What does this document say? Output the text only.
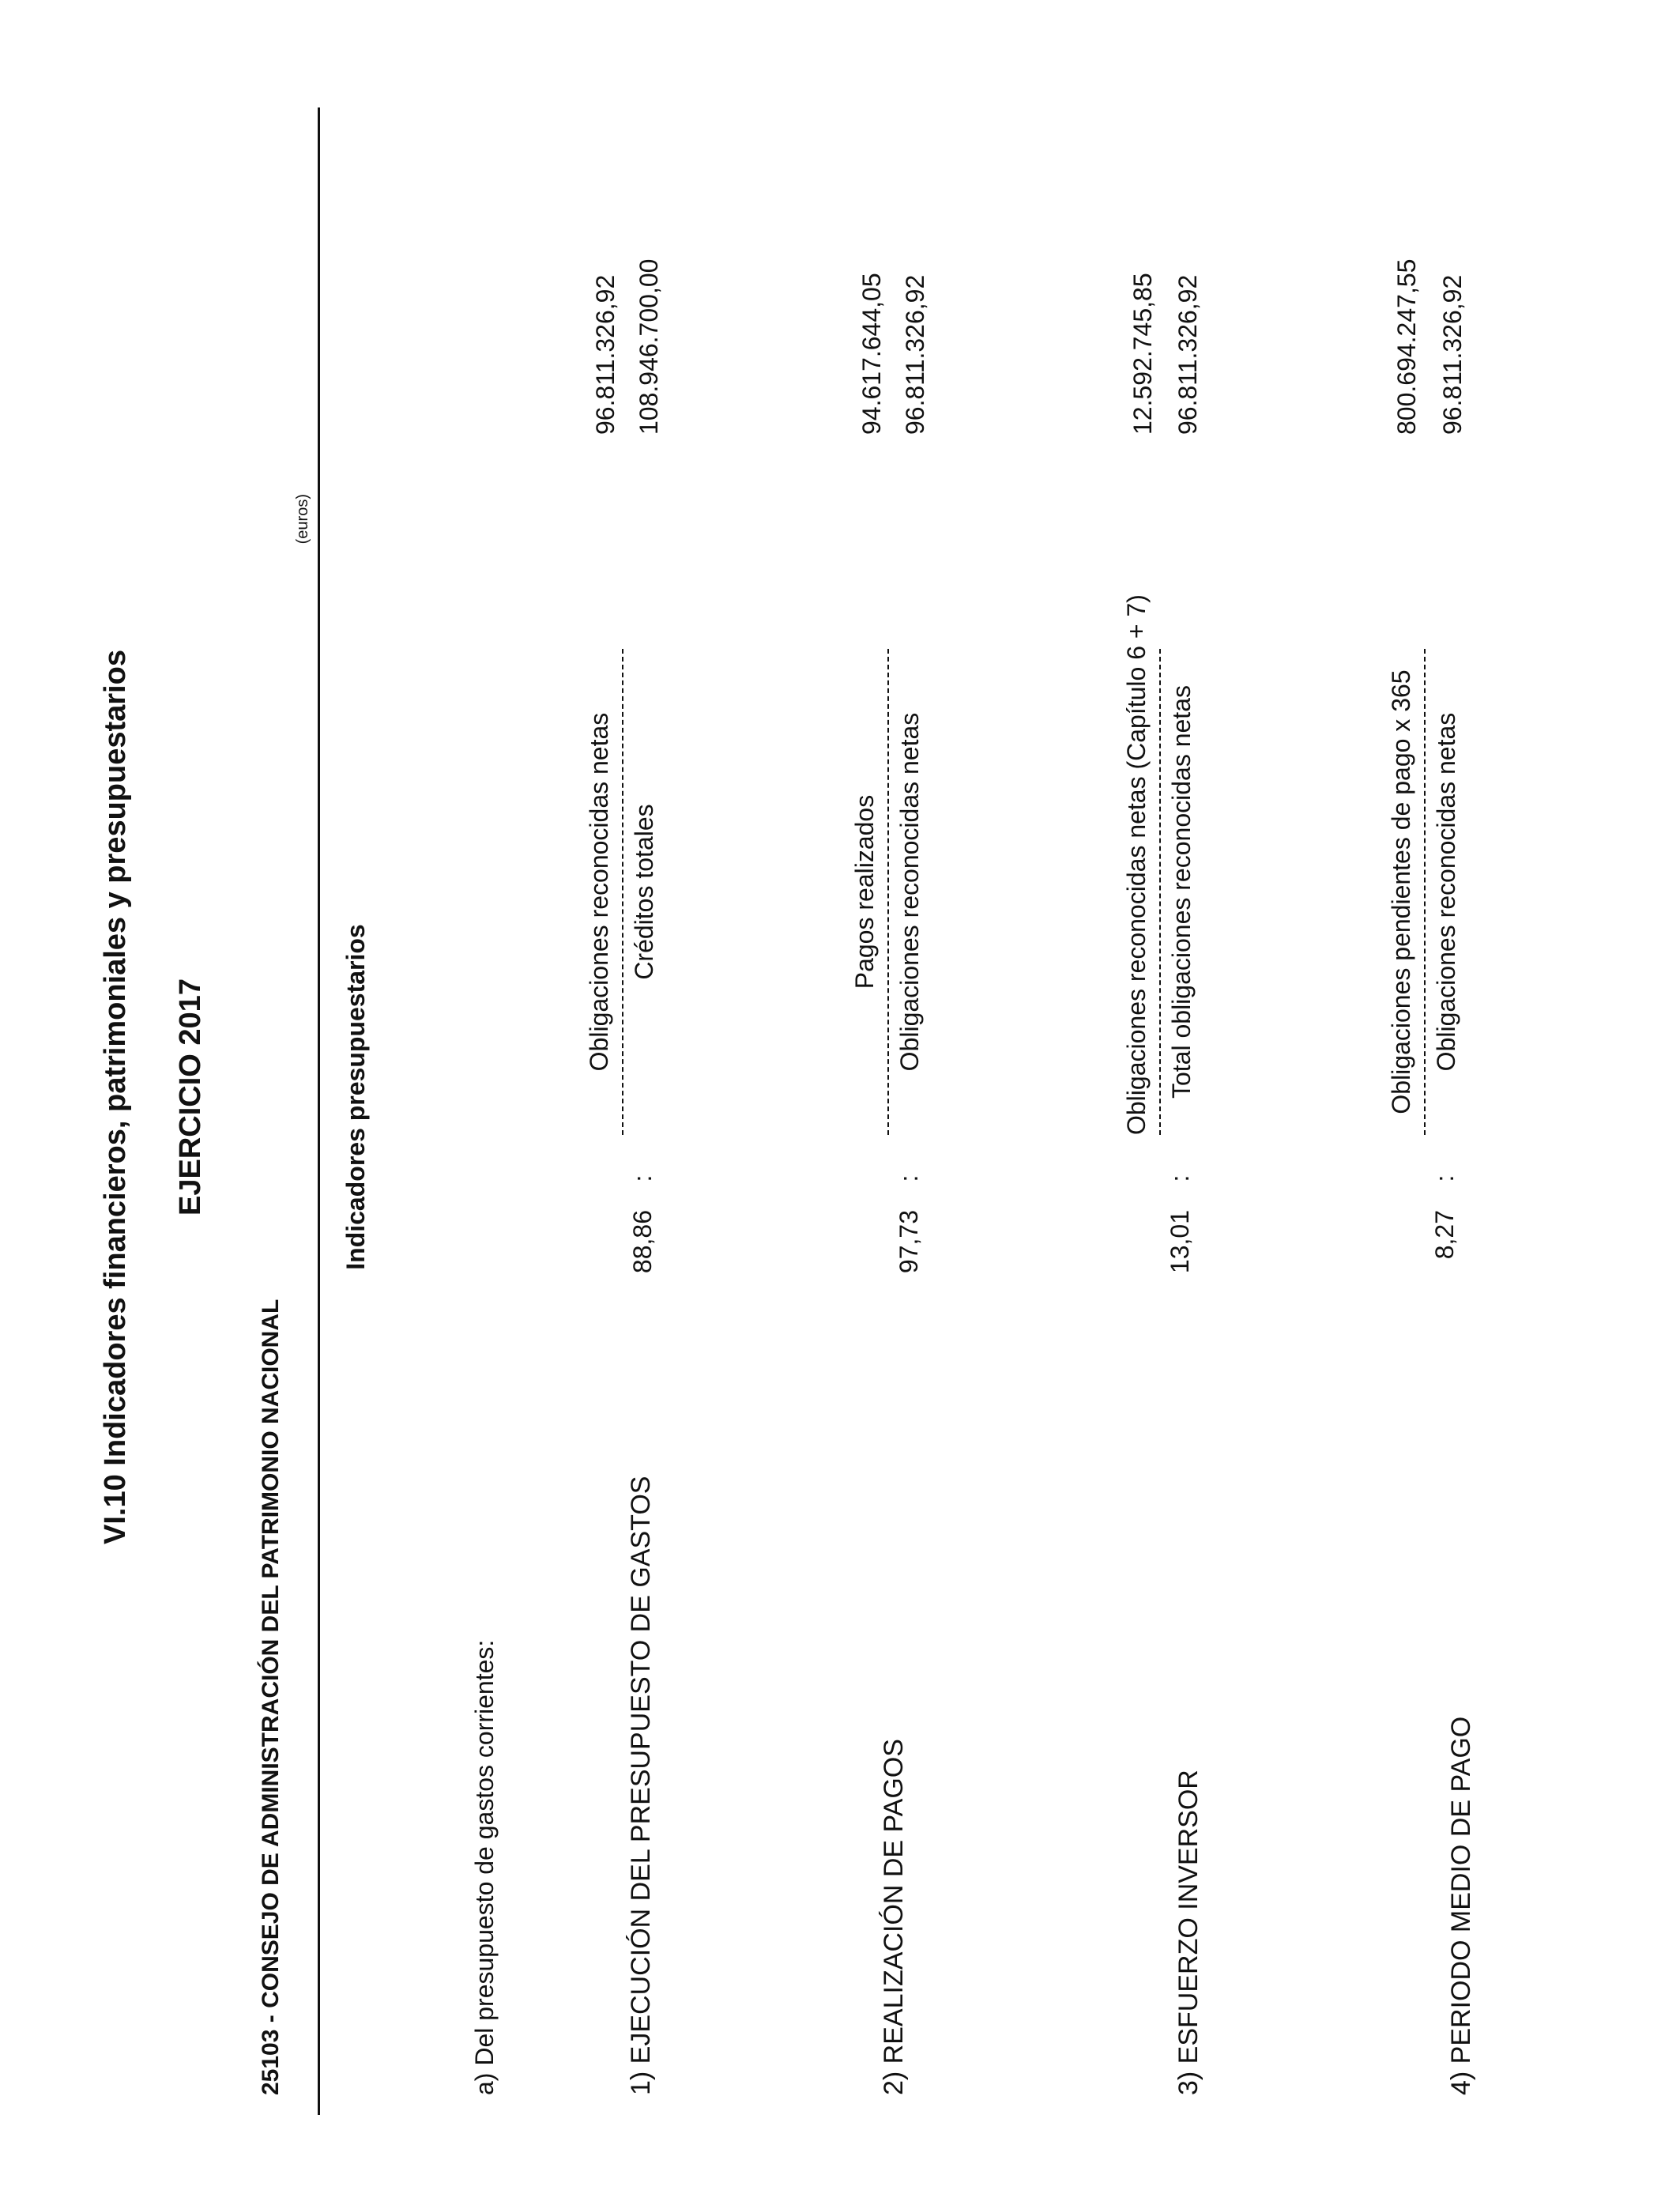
VI.10 Indicadores financieros, patrimoniales y presupuestarios EJERCICIO 2017
25103 - CONSEJO DE ADMINISTRACIÓN DEL PATRIMONIO NACIONAL
(euros)
Indicadores presupuestarios
a) Del presupuesto de gastos corrientes:	1) EJECUCIÓN DEL PRESUPUESTO DE GASTOS
88,86
:
Obligaciones reconocidas netas Créditos totales
96.811.326,92 108.946.700,00
2) REALIZACIÓN DE PAGOS
97,73
:
Pagos realizados Obligaciones reconocidas netas
94.617.644,05 96.811.326,92
3) ESFUERZO INVERSOR
13,01
:
Obligaciones reconocidas netas (Capítulo 6 + 7) Total obligaciones reconocidas netas
12.592.745,85 96.811.326,92
4) PERIODO MEDIO DE PAGO
8,27
:
Obligaciones pendientes de pago x 365 Obligaciones reconocidas netas
800.694.247,55 96.811.326,92
